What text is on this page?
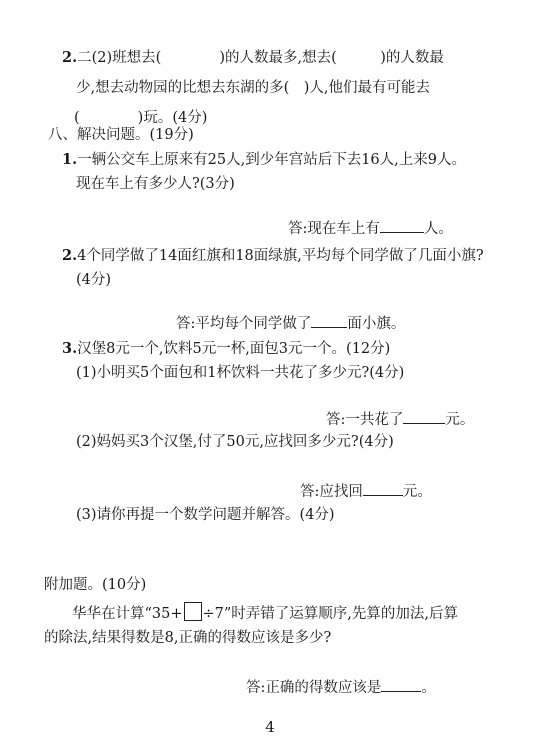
2.二(2)班想去(　　　　)的人数最多,想去(　　　)的人数最
少,想去动物园的比想去东湖的多(　)人,他们最有可能去
(　　　　)玩。(4分)
八、解决问题。(19分)
1.一辆公交车上原来有25人,到少年宫站后下去16人,上来9人。
现在车上有多少人?(3分)
答:现在车上有	人。
2.4个同学做了14面红旗和18面绿旗,平均每个同学做了几面小旗?
(4分)
答:平均每个同学做了 面小旗。
3.汉堡8元一个,饮料5元一杯,面包3元一个。(12分)
(1)小明买5个面包和1杯饮料一共花了多少元?(4分)
答:一共花了	元。
(2)妈妈买3个汉堡,付了50元,应找回多少元?(4分)
答:应找回	元。
(3)请你再提一个数学问题并解答。(4分)
附加题。(10分)
华华在计算“35+ ÷7”时弄错了运算顺序,先算的加法,后算
的除法,结果得数是8,正确的得数应该是多少?
答:正确的得数应该是	。
4
